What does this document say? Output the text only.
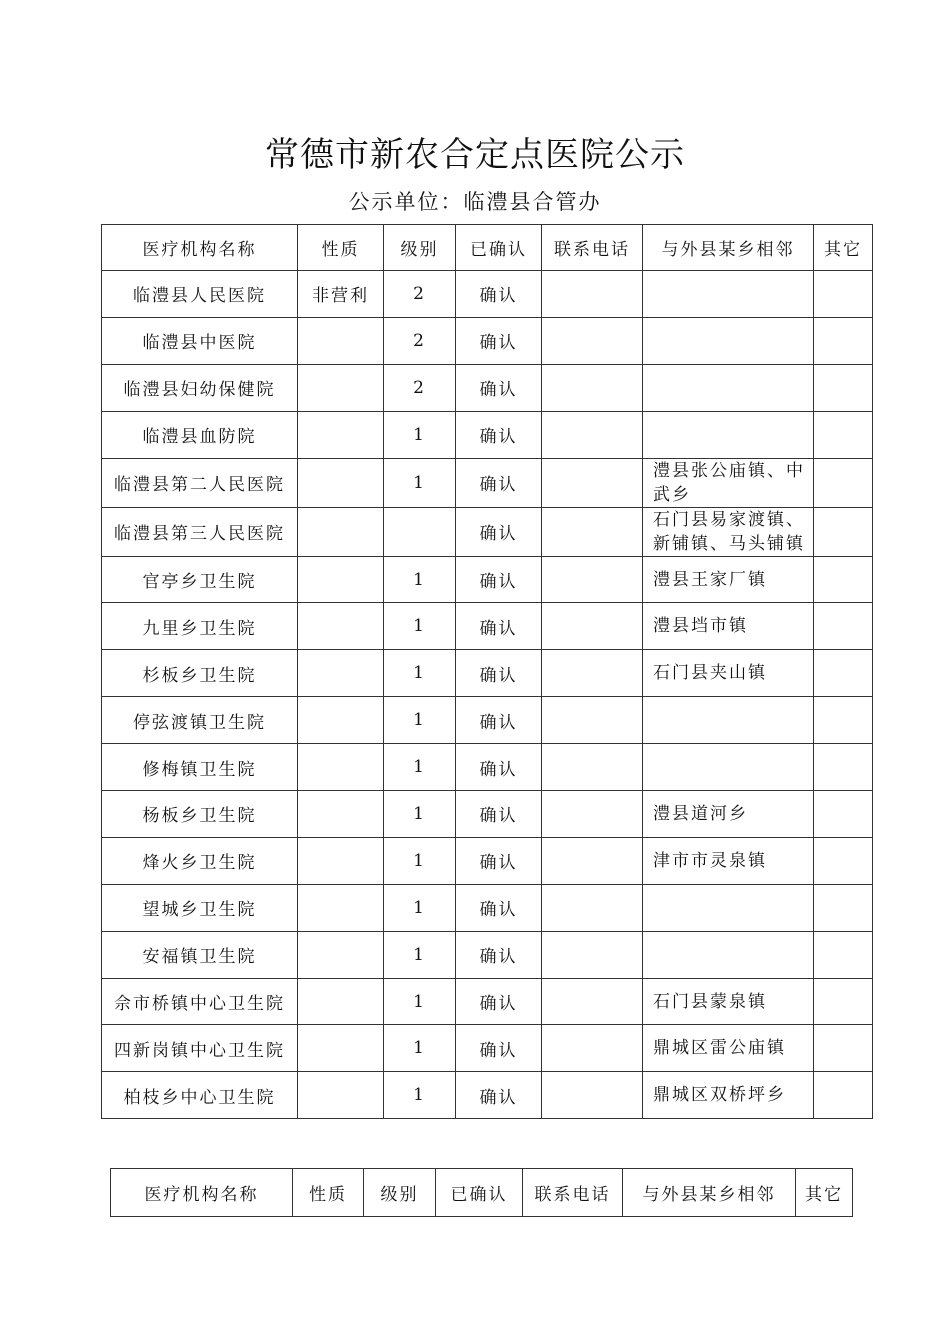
常德市新农合定点医院公示
公示单位：临澧县合管办
医疗机构名称	性质	级别	已确认	联系电话	与外县某乡相邻	其它
临澧县人民医院	非营利	2	确认			
临澧县中医院		2	确认			
临澧县妇幼保健院		2	确认			
临澧县血防院		1	确认			
临澧县第二人民医院		1	确认		澧县张公庙镇、中武乡	
临澧县第三人民医院			确认		石门县易家渡镇、新铺镇、马头铺镇	
官亭乡卫生院		1	确认		澧县王家厂镇	
九里乡卫生院		1	确认		澧县垱市镇	
杉板乡卫生院		1	确认		石门县夹山镇	
停弦渡镇卫生院		1	确认			
修梅镇卫生院		1	确认			
杨板乡卫生院		1	确认		澧县道河乡	
烽火乡卫生院		1	确认		津市市灵泉镇	
望城乡卫生院		1	确认			
安福镇卫生院		1	确认			
佘市桥镇中心卫生院		1	确认		石门县蒙泉镇	
四新岗镇中心卫生院		1	确认		鼎城区雷公庙镇	
柏枝乡中心卫生院		1	确认		鼎城区双桥坪乡	
医疗机构名称	性质	级别	已确认	联系电话	与外县某乡相邻	其它
